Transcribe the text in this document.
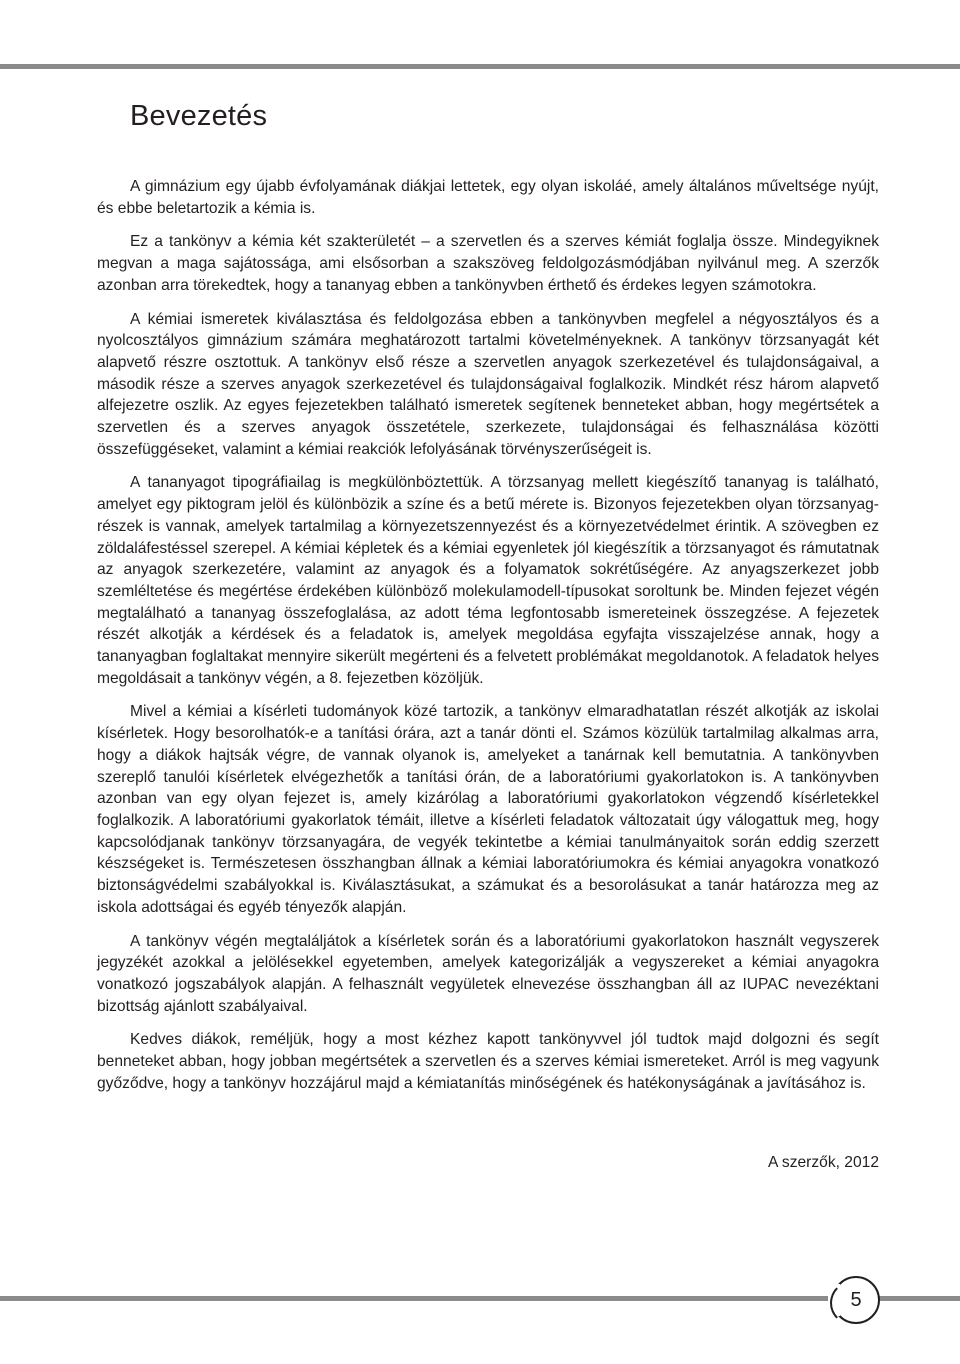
Bevezetés

A gimnázium egy újabb évfolyamának diákjai lettetek, egy olyan iskoláé, amely általános műveltsége nyújt, és ebbe beletartozik a kémia is.

Ez a tankönyv a kémia két szakterületét – a szervetlen és a szerves kémiát foglalja össze. Mindegyiknek megvan a maga sajátossága, ami elsősorban a szakszöveg feldolgozásmódjában nyilvánul meg. A szerzők azonban arra törekedtek, hogy a tananyag ebben a tankönyvben érthető és érdekes legyen számotokra.

A kémiai ismeretek kiválasztása és feldolgozása ebben a tankönyvben megfelel a négyosztályos és a nyolcosztályos gimnázium számára meghatározott tartalmi követelményeknek. A tankönyv törzsanyagát két alapvető részre osztottuk. A tankönyv első része a szervetlen anyagok szerkezetével és tulajdonságaival, a második része a szerves anyagok szerkezetével és tulajdonságaival foglalkozik. Mindkét rész három alapvető alfejezetre oszlik. Az egyes fejezetekben található ismeretek segítenek benneteket abban, hogy megértsétek a szervetlen és a szerves anyagok összetétele, szerkezete, tulajdonságai és felhasználása közötti összefüggéseket, valamint a kémiai reakciók lefolyásának törvényszerűségeit is.

A tananyagot tipográfiailag is megkülönböztettük. A törzsanyag mellett kiegészítő tananyag is található, amelyet egy piktogram jelöl és különbözik a színe és a betű mérete is. Bizonyos fejezetekben olyan törzsanyag-részek is vannak, amelyek tartalmilag a környezetszennyezést és a környezetvédelmet érintik. A szövegben ez zöldaláfestéssel szerepel. A kémiai képletek és a kémiai egyenletek jól kiegészítik a törzsanyagot és rámutatnak az anyagok szerkezetére, valamint az anyagok és a folyamatok sokrétűségére. Az anyagszerkezet jobb szemléltetése és megértése érdekében különböző molekulamodell-típusokat soroltunk be. Minden fejezet végén megtalálható a tananyag összefoglalása, az adott téma legfontosabb ismereteinek összegzése. A fejezetek részét alkotják a kérdések és a feladatok is, amelyek megoldása egyfajta visszajelzése annak, hogy a tananyagban foglaltakat mennyire sikerült megérteni és a felvetett problémákat megoldanotok. A feladatok helyes megoldásait a tankönyv végén, a 8. fejezetben közöljük.

Mivel a kémiai a kísérleti tudományok közé tartozik, a tankönyv elmaradhatatlan részét alkotják az iskolai kísérletek. Hogy besorolhatók-e a tanítási órára, azt a tanár dönti el. Számos közülük tartalmilag alkalmas arra, hogy a diákok hajtsák végre, de vannak olyanok is, amelyeket a tanárnak kell bemutatnia. A tankönyvben szereplő tanulói kísérletek elvégezhetők a tanítási órán, de a laboratóriumi gyakorlatokon is. A tankönyvben azonban van egy olyan fejezet is, amely kizárólag a laboratóriumi gyakorlatokon végzendő kísérletekkel foglalkozik. A laboratóriumi gyakorlatok témáit, illetve a kísérleti feladatok változatait úgy válogattuk meg, hogy kapcsolódjanak tankönyv törzsanyagára, de vegyék tekintetbe a kémiai tanulmányaitok során eddig szerzett készségeket is. Természetesen összhangban állnak a kémiai laboratóriumokra és kémiai anyagokra vonatkozó biztonságvédelmi szabályokkal is. Kiválasztásukat, a számukat és a besorolásukat a tanár határozza meg az iskola adottságai és egyéb tényezők alapján.

A tankönyv végén megtaláljátok a kísérletek során és a laboratóriumi gyakorlatokon használt vegyszerek jegyzékét azokkal a jelölésekkel egyetemben, amelyek kategorizálják a vegyszereket a kémiai anyagokra vonatkozó jogszabályok alapján. A felhasznált vegyületek elnevezése összhangban áll az IUPAC nevezéktani bizottság ajánlott szabályaival.

Kedves diákok, reméljük, hogy a most kézhez kapott tankönyvvel jól tudtok majd dolgozni és segít benneteket abban, hogy jobban megértsétek a szervetlen és a szerves kémiai ismereteket. Arról is meg vagyunk győződve, hogy a tankönyv hozzájárul majd a kémiatanítás minőségének és hatékonyságának a javításához is.

A szerzők, 2012
5
